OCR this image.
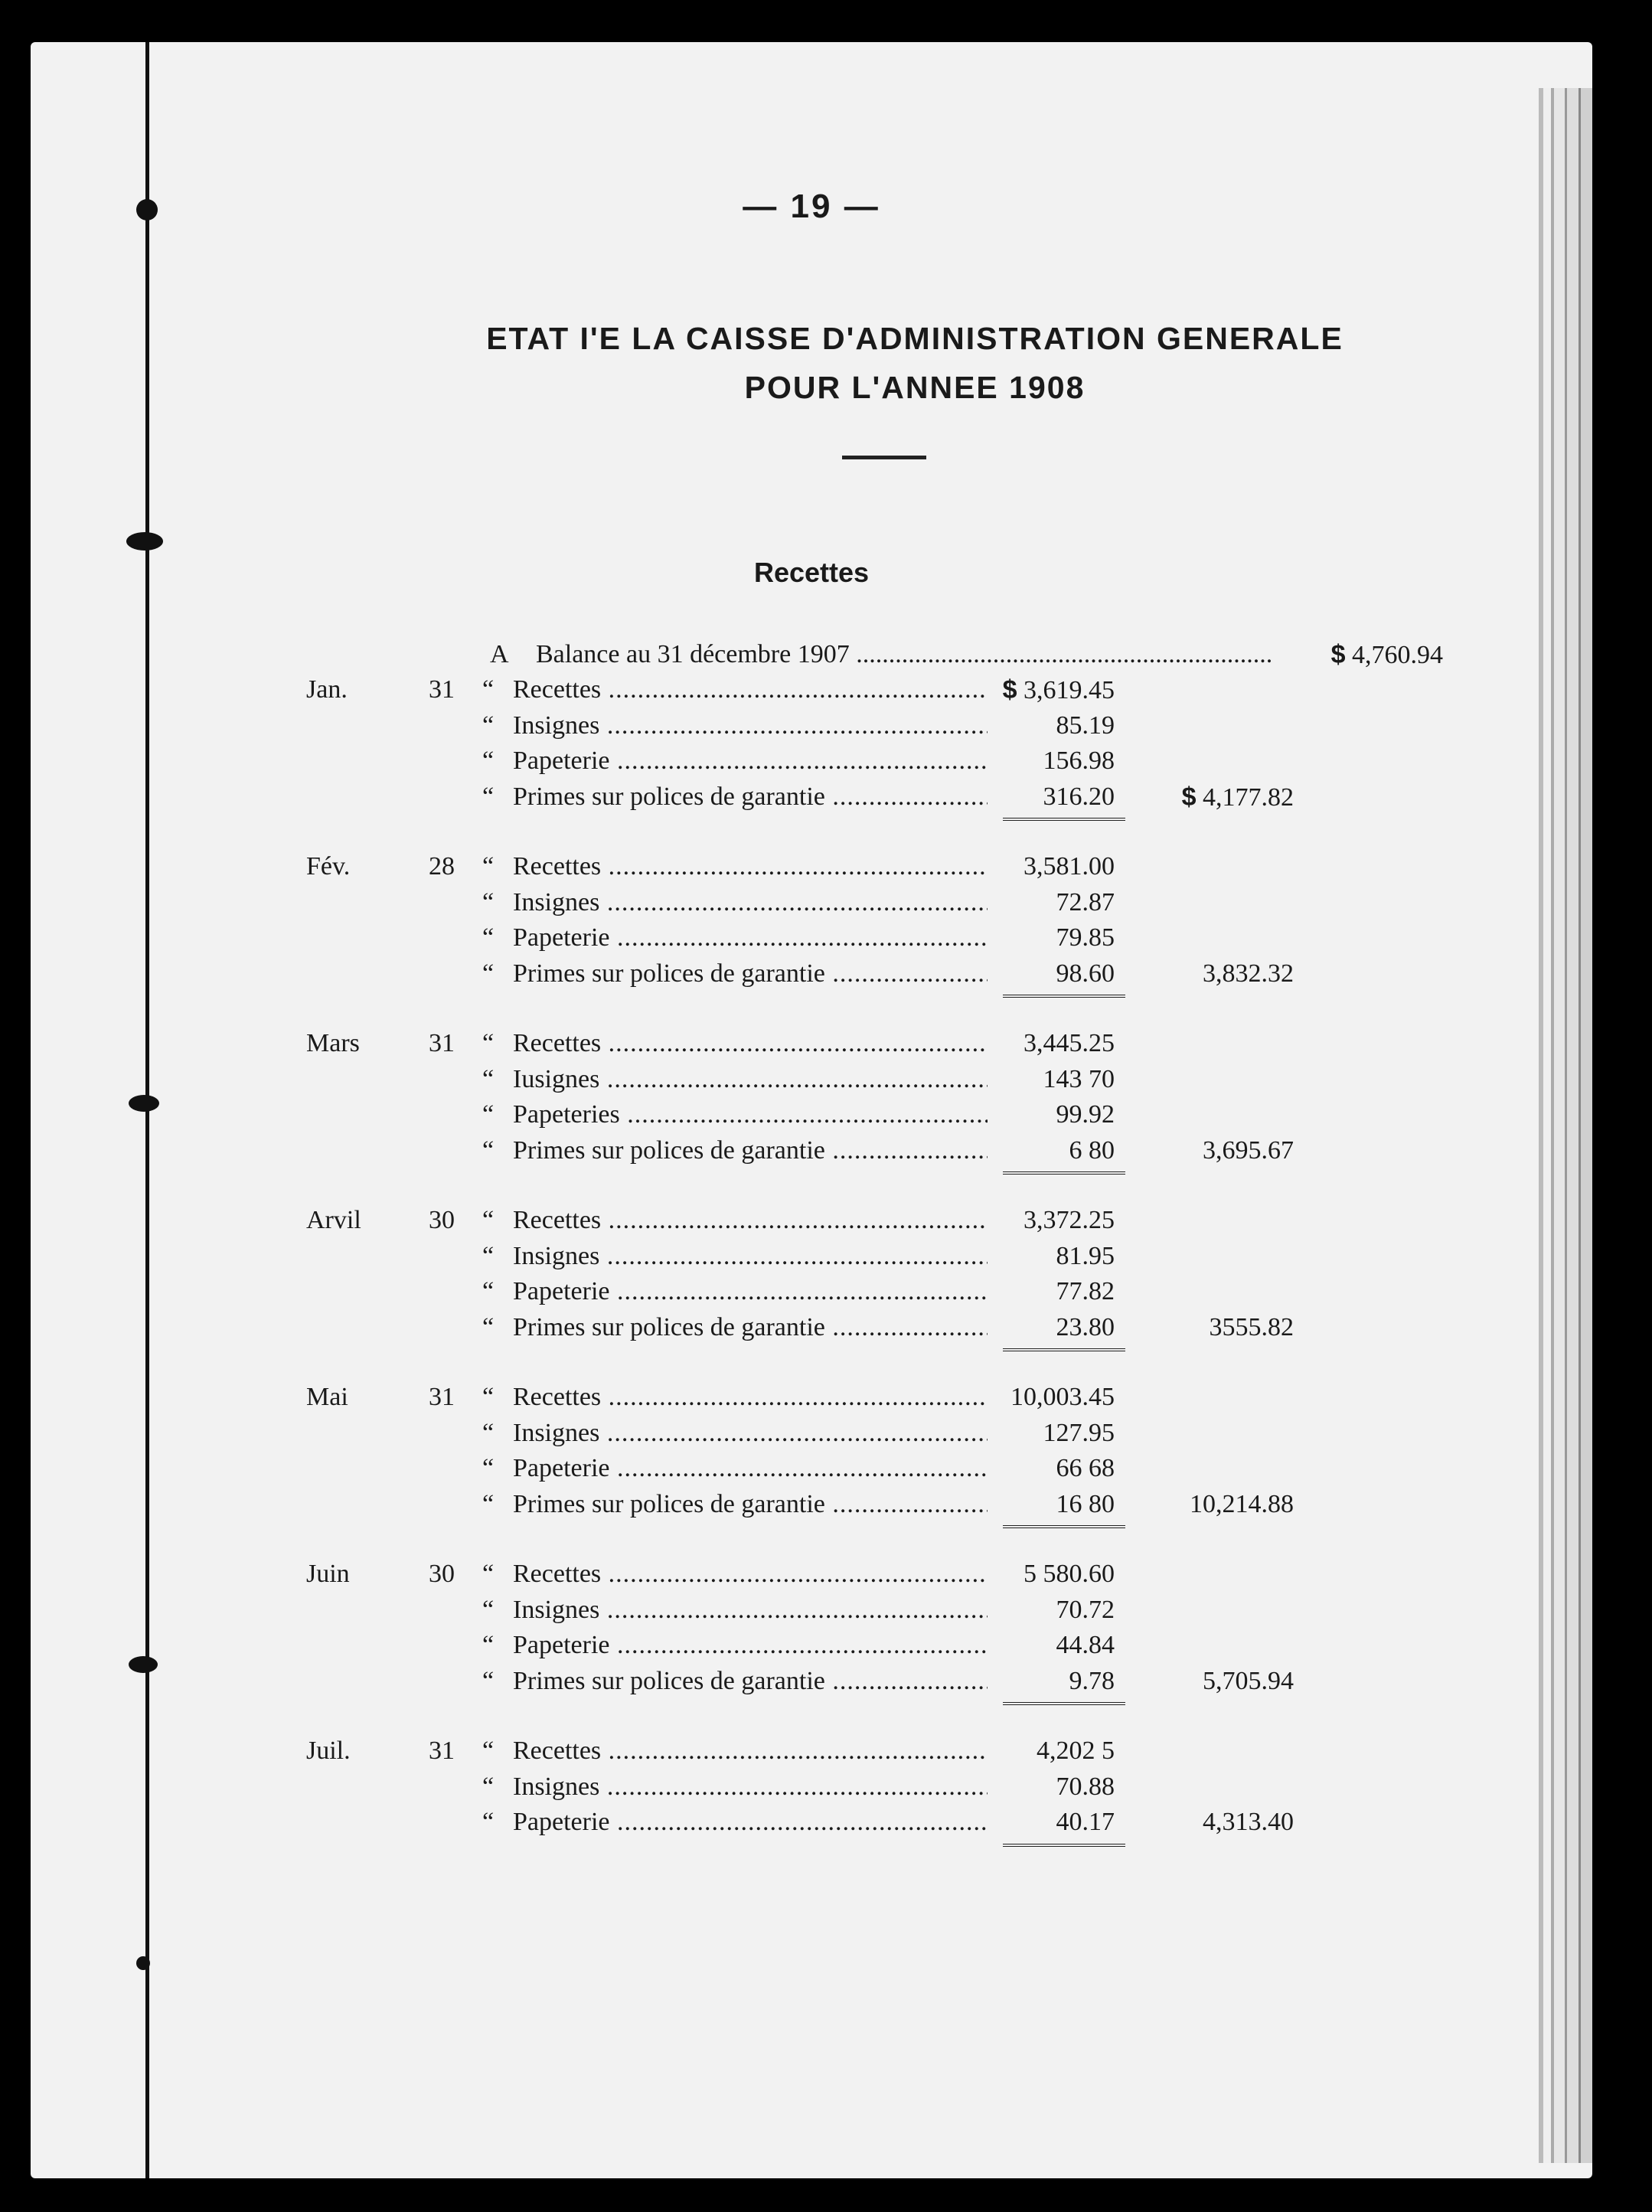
— 19 —
ETAT I'E LA CAISSE D'ADMINISTRATION GENERALE
POUR L'ANNEE 1908
Recettes
A	Balance au 31 décembre 1907 .....	$ 4,760.94
Jan.	31	“ Recettes .....	$ 3,619.45
“ Insignes .....	85.19
“ Papeterie .....	156.98
“ Primes sur polices de garantie .....	316.20	$ 4,177.82
Fév.	28	“ Recettes .....	3,581.00
“ Insignes .....	72.87
“ Papeterie .....	79.85
“ Primes sur polices de garantie .....	98.60	3,832.32
Mars	31	“ Recettes .....	3,445.25
“ Iusignes .....	143 70
“ Papeteries .....	99.92
“ Primes sur polices de garantie .....	6 80	3,695.67
Arvil	30	“ Recettes .....	3,372.25
“ Insignes .....	81.95
“ Papeterie .....	77.82
“ Primes sur polices de garantie .....	23.80	3555.82
Mai	31	“ Recettes .....	10,003.45
“ Insignes .....	127.95
“ Papeterie .....	66 68
“ Primes sur polices de garantie .....	16 80	10,214.88
Juin	30	“ Recettes .....	5 580.60
“ Insignes .....	70.72
“ Papeterie .....	44.84
“ Primes sur polices de garantie .....	9.78	5,705.94
Juil.	31	“ Recettes .....	4,202 5
“ Insignes .....	70.88
“ Papeterie .....	40.17	4,313.40
